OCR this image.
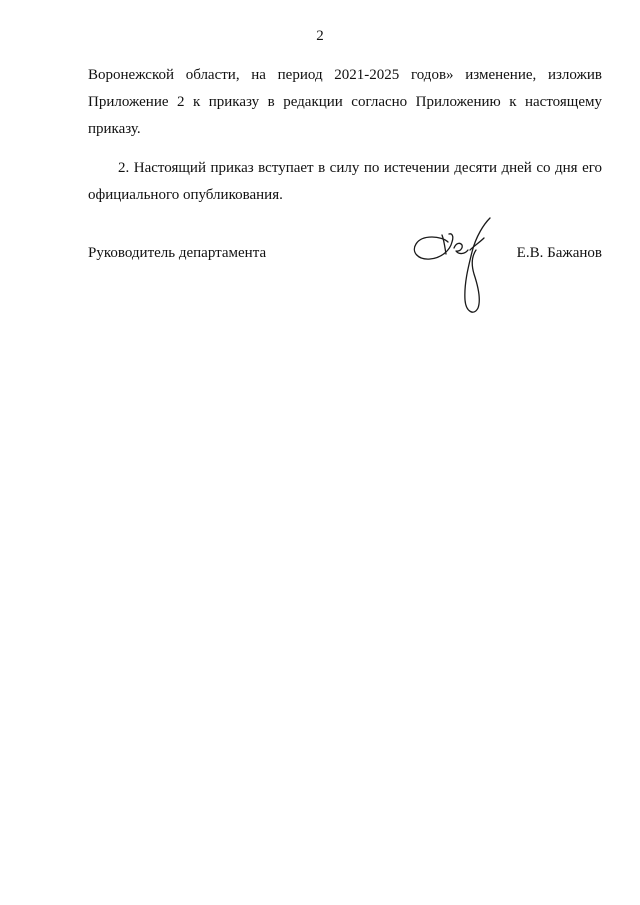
2

Воронежской области, на период 2021-2025 годов» изменение, изложив
Приложение 2 к приказу в редакции согласно Приложению к настоящему
приказу.

2. Настоящий приказ вступает в силу по истечении десяти дней со дня его
официального опубликования.

Руководитель департамента	Е.В. Бажанов
